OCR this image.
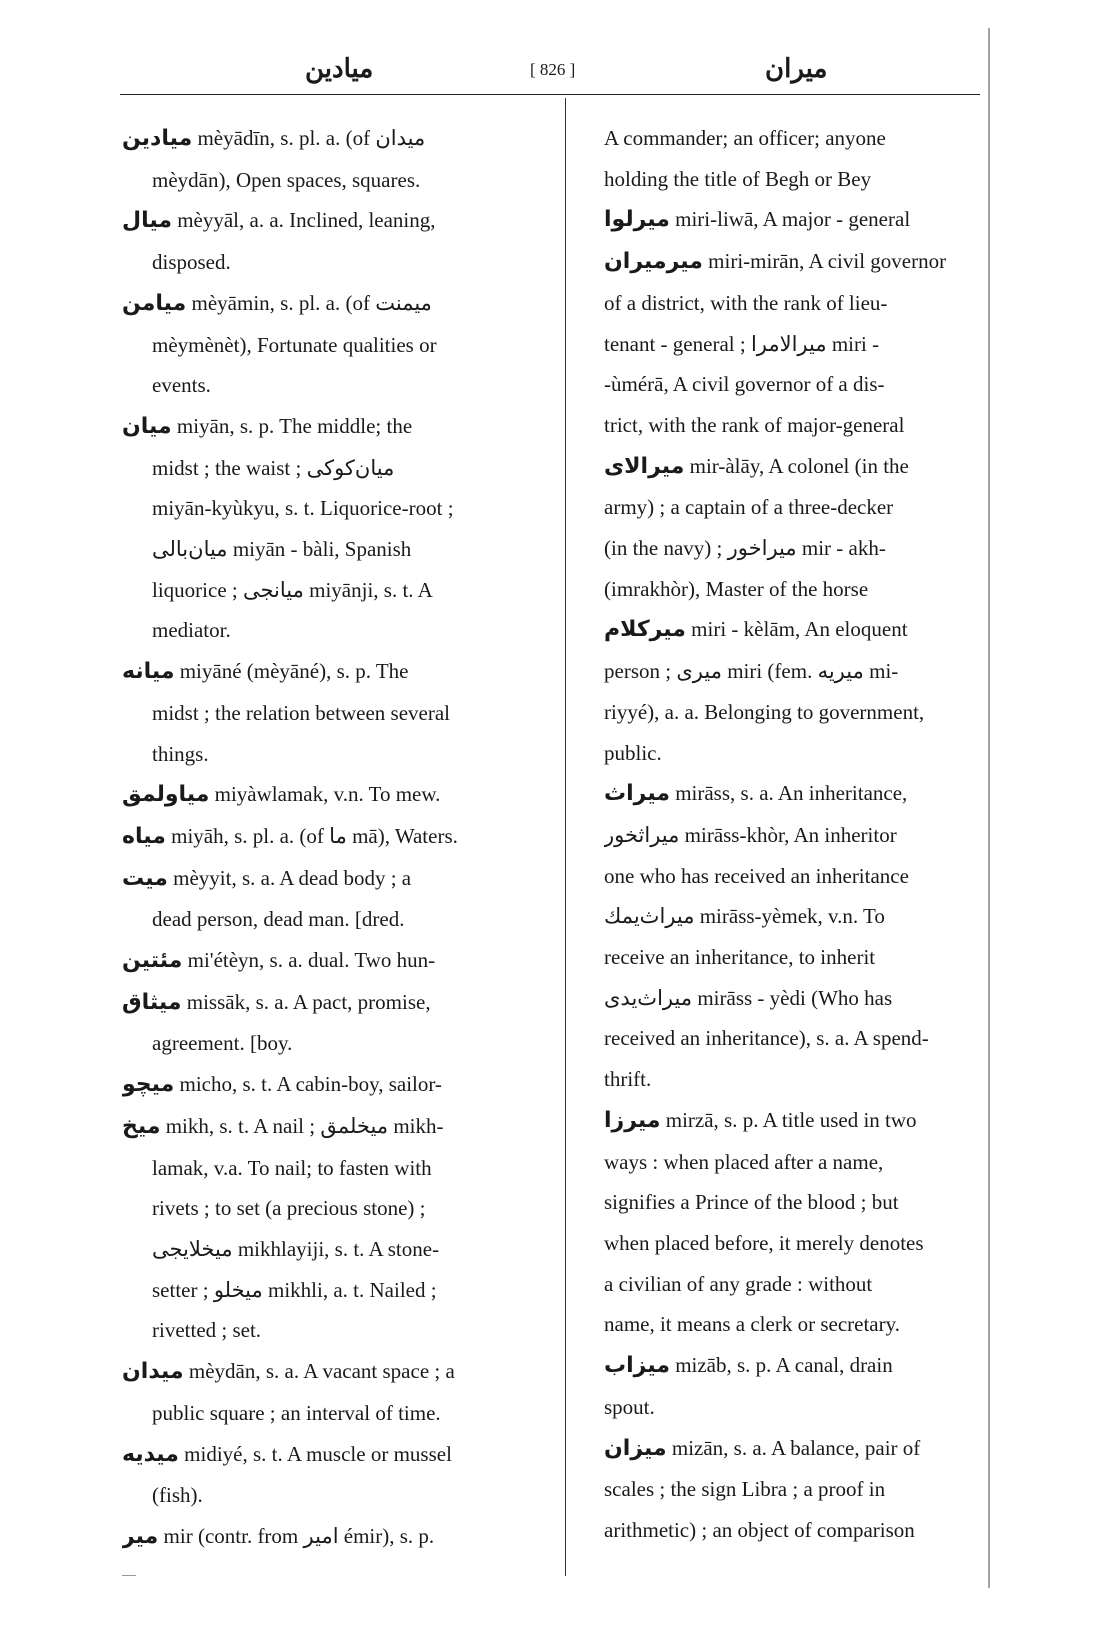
ميادين	[ 826 ]	ميران
ميادين mèyādīn, s. pl. a. (of ميدان
mèydān), Open spaces, squares.
ميال mèyyāl, a. a. Inclined, leaning,
disposed.
ميامن mèyāmin, s. pl. a. (of ميمنت
mèymènèt), Fortunate qualities or
events.
ميان miyān, s. p. The middle; the
midst ; the waist ; ميان‌كوكى
miyān-kyùkyu, s. t. Liquorice-root ;
ميان‌بالى miyān - bàli, Spanish
liquorice ; ميانجى miyānji, s. t. A
mediator.
ميانه miyāné (mèyāné), s. p. The
midst ; the relation between several
things.
مياولمق miyàwlamak, v.n. To mew.
مياه miyāh, s. pl. a. (of ما mā), Waters.
ميت mèyyit, s. a. A dead body ; a
dead person, dead man. [dred.
مئتين mi'étèyn, s. a. dual. Two hun-
ميثاق missāk, s. a. A pact, promise,
agreement. [boy.
ميچو micho, s. t. A cabin-boy, sailor-
ميخ mikh, s. t. A nail ; ميخلمق mikh-
lamak, v.a. To nail; to fasten with
rivets ; to set (a precious stone) ;
ميخلايجى mikhlayiji, s. t. A stone-
setter ; ميخلو mikhli, a. t. Nailed ;
rivetted ; set.
ميدان mèydān, s. a. A vacant space ; a
public square ; an interval of time.
ميديه midiyé, s. t. A muscle or mussel
(fish).
مير mir (contr. from امير émir), s. p.
A commander; an officer; anyone
holding the title of Begh or Bey
ميرلوا miri-liwā, A major - general
ميرميران miri-mirān, A civil governor
of a district, with the rank of lieu-
tenant - general ; ميرالامرا miri -
-ùmérā, A civil governor of a dis-
trict, with the rank of major-general
ميرالاى mir-àlāy, A colonel (in the
army) ; a captain of a three-decker
(in the navy) ; ميراخور mir - akh-
(imrakhòr), Master of the horse
ميركلام miri - kèlām, An eloquent
person ; ميرى miri (fem. ميريه mi-
riyyé), a. a. Belonging to government,
public.
ميراث mirāss, s. a. An inheritance,
ميراثخور mirāss-khòr, An inheritor
one who has received an inheritance
ميراث‌يمك mirāss-yèmek, v.n. To
receive an inheritance, to inherit
ميراث‌يدى mirāss - yèdi (Who has
received an inheritance), s. a. A spend-
thrift.
ميرزا mirzā, s. p. A title used in two
ways : when placed after a name,
signifies a Prince of the blood ; but
when placed before, it merely denotes
a civilian of any grade : without
name, it means a clerk or secretary.
ميزاب mizāb, s. p. A canal, drain
spout.
ميزان mizān, s. a. A balance, pair of
scales ; the sign Libra ; a proof in
arithmetic) ; an object of comparison
